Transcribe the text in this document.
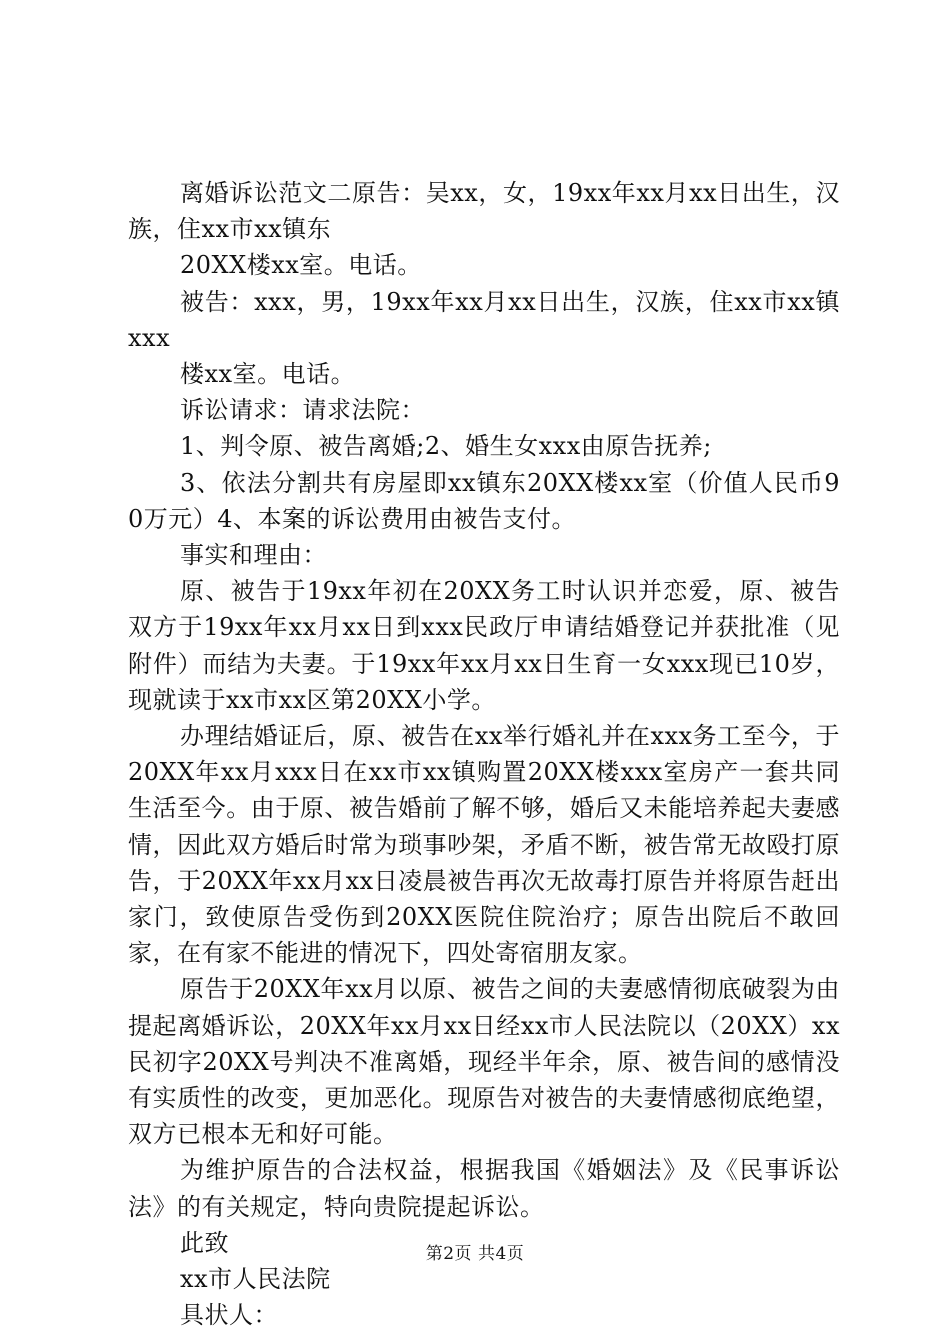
离婚诉讼范文二原告：吴xx，女，19xx年xx月xx日出生，汉族，住xx市xx镇东

20XX楼xx室。电话。

被告：xxx，男，19xx年xx月xx日出生，汉族，住xx市xx镇xxx

楼xx室。电话。

诉讼请求：请求法院：

1、判令原、被告离婚;2、婚生女xxx由原告抚养;

3、依法分割共有房屋即xx镇东20XX楼xx室（价值人民币90万元）4、本案的诉讼费用由被告支付。

事实和理由：

原、被告于19xx年初在20XX务工时认识并恋爱，原、被告双方于19xx年xx月xx日到xxx民政厅申请结婚登记并获批准（见附件）而结为夫妻。于19xx年xx月xx日生育一女xxx现已10岁，现就读于xx市xx区第20XX小学。

办理结婚证后，原、被告在xx举行婚礼并在xxx务工至今，于20XX年xx月xxx日在xx市xx镇购置20XX楼xxx室房产一套共同生活至今。由于原、被告婚前了解不够，婚后又未能培养起夫妻感情，因此双方婚后时常为琐事吵架，矛盾不断，被告常无故殴打原告，于20XX年xx月xx日凌晨被告再次无故毒打原告并将原告赶出家门，致使原告受伤到20XX医院住院治疗；原告出院后不敢回家，在有家不能进的情况下，四处寄宿朋友家。

原告于20XX年xx月以原、被告之间的夫妻感情彻底破裂为由提起离婚诉讼，20XX年xx月xx日经xx市人民法院以（20XX）xx民初字20XX号判决不准离婚，现经半年余，原、被告间的感情没有实质性的改变，更加恶化。现原告对被告的夫妻情感彻底绝望，双方已根本无和好可能。

为维护原告的合法权益，根据我国《婚姻法》及《民事诉讼法》的有关规定，特向贵院提起诉讼。

此致

xx市人民法院

具状人：

第2页 共4页
